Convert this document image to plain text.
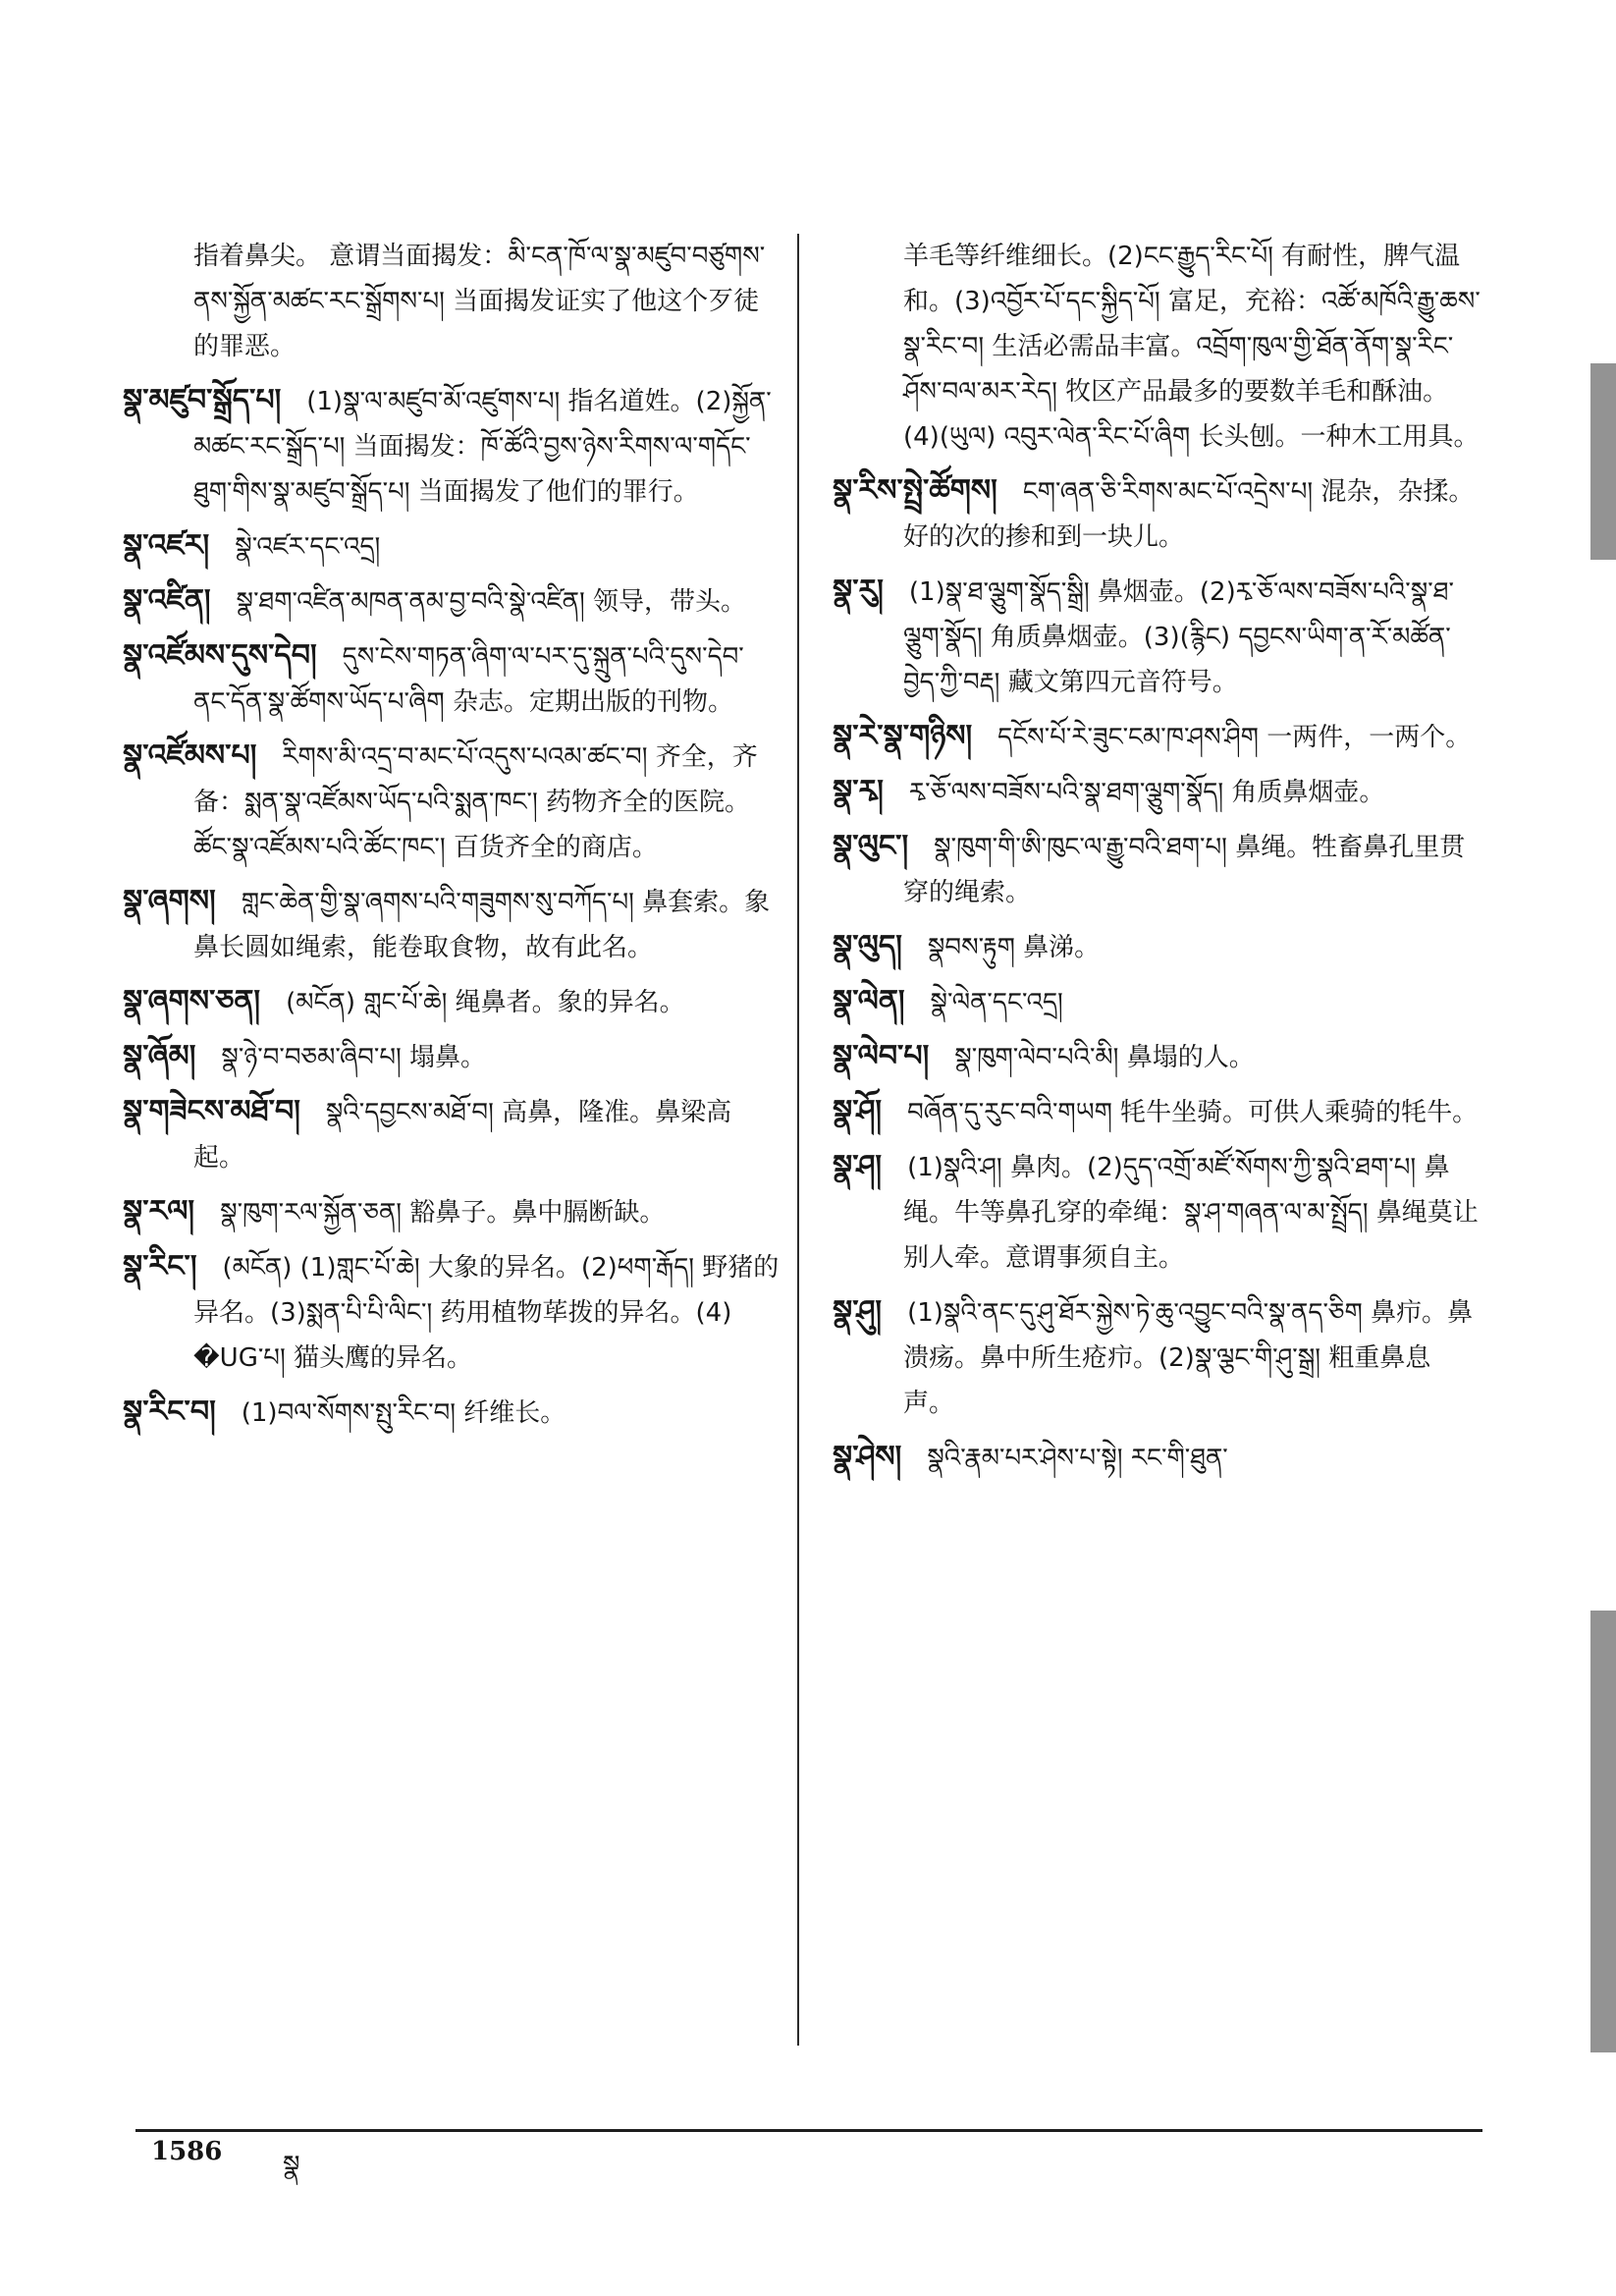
指着鼻尖。 意谓当面揭发：མི་ངན་ཁོ་ལ་སྣ་མཛུབ་བཙུགས་ནས་སྐྱོན་མཚང་རང་སྒྲོགས་པ། 当面揭发证实了他这个歹徒的罪恶。

སྣ་མཛུབ་སྒྲོད་པ། (1)སྣ་ལ་མཛུབ་མོ་འཛུགས་པ། 指名道姓。(2)སྐྱོན་མཚང་རང་སྒྲོད་པ། 当面揭发：ཁོ་ཚོའི་བྱས་ཉེས་རིགས་ལ་གདོང་ཐུག་གིས་སྣ་མཛུབ་སྒྲོད་པ། 当面揭发了他们的罪行。

སྣ་འཛར། སྣེ་འཛར་དང་འདྲ།

སྣ་འཛིན། སྣ་ཐག་འཛིན་མཁན་ནམ་བྱ་བའི་སྣེ་འཛིན། 领导，带头。

སྣ་འཛོམས་དུས་དེབ། དུས་ངེས་གཏན་ཞིག་ལ་པར་དུ་སྐྲུན་པའི་དུས་དེབ་ནང་དོན་སྣ་ཚོགས་ཡོད་པ་ཞིག 杂志。定期出版的刊物。

སྣ་འཛོམས་པ། རིགས་མི་འདྲ་བ་མང་པོ་འདུས་པའམ་ཚང་བ། 齐全，齐备：སྨན་སྣ་འཛོམས་ཡོད་པའི་སྨན་ཁང་། 药物齐全的医院。ཚོང་སྣ་འཛོམས་པའི་ཚོང་ཁང་། 百货齐全的商店。

སྣ་ཞགས། གླང་ཆེན་གྱི་སྣ་ཞགས་པའི་གཟུགས་སུ་བཀོད་པ། 鼻套索。象鼻长圆如绳索，能卷取食物，故有此名。

སྣ་ཞགས་ཅན། (མངོན) གླང་པོ་ཆེ། 绳鼻者。象的异名。

སྣ་ཞོམ། སྣ་ཉེ་བ་བཅམ་ཞིབ་པ། 塌鼻。

སྣ་གཟེངས་མཐོ་བ། སྣའི་དབྱངས་མཐོ་བ། 高鼻，隆准。鼻梁高起。

སྣ་རལ། སྣ་ཁུག་རལ་སྐྱོན་ཅན། 豁鼻子。鼻中膈断缺。

སྣ་རིང་། (མངོན) (1)གླང་པོ་ཆེ། 大象的异名。(2)ཕག་རྒོད། 野猪的异名。(3)སྨན་པི་པི་ལིང་། 药用植物荜拨的异名。(4) �UG་པ། 猫头鹰的异名。

སྣ་རིང་བ། (1)བལ་སོགས་སྤུ་རིང་བ། 纤维长。

羊毛等纤维细长。(2)ངང་རྒྱུད་རིང་པོ། 有耐性，脾气温和。(3)འབྱོར་པོ་དང་སྐྱིད་པོ། 富足，充裕：འཚོ་མཁོའི་རྒྱུ་ཆས་སྣ་རིང་བ། 生活必需品丰富。འབྲོག་ཁུལ་གྱི་ཐོན་ནོག་སྣ་རིང་ཤོས་བལ་མར་རེད། 牧区产品最多的要数羊毛和酥油。(4)(ཡུལ) འབུར་ལེན་རིང་པོ་ཞིག 长头刨。一种木工用具。

སྣ་རིས་སྤྲེ་ཚོགས། ངག་ཞན་ཅི་རིགས་མང་པོ་འདྲེས་པ། 混杂，杂揉。好的次的掺和到一块儿。

སྣ་རུ། (1)སྣ་ཐ་ལྕུག་སྣོད་སྒྲི། 鼻烟壶。(2)རྭ་ཅོ་ལས་བཟོས་པའི་སྣ་ཐ་ལྕུག་སྣོད། 角质鼻烟壶。(3)(རྙིང) དབྱངས་ཡིག་ན་རོ་མཚོན་བྱེད་ཀྱི་བརྡ། 藏文第四元音符号。

སྣ་རེ་སྣ་གཉིས། དངོས་པོ་རེ་ཟུང་ངམ་ཁ་ཤས་ཤིག 一两件，一两个。

སྣ་རྭ། རྭ་ཅོ་ལས་བཟོས་པའི་སྣ་ཐག་ལྕུག་སྣོད། 角质鼻烟壶。

སྣ་ལུང་། སྣ་ཁུག་གི་ཨི་ཁུང་ལ་རྒྱུ་བའི་ཐག་པ། 鼻绳。牲畜鼻孔里贯穿的绳索。

སྣ་ལུད། སྣབས་རྟུག 鼻涕。

སྣ་ལེན། སྣེ་ལེན་དང་འདྲ།

སྣ་ལེབ་པ། སྣ་ཁུག་ལེབ་པའི་མི། 鼻塌的人。

སྣ་ཤོ། བཞོན་དུ་རུང་བའི་གཡག 牦牛坐骑。可供人乘骑的牦牛。

སྣ་ཤ། (1)སྣའི་ཤ། 鼻肉。(2)དུད་འགྲོ་མཛོ་སོགས་ཀྱི་སྣའི་ཐག་པ། 鼻绳。牛等鼻孔穿的牵绳：སྣ་ཤ་གཞན་ལ་མ་སྤྲོད། 鼻绳莫让别人牵。意谓事须自主。

སྣ་ཤུ། (1)སྣའི་ནང་དུ་ཤུ་ཐོར་སྐྱེས་ཏེ་ཆུ་འབྱུང་བའི་སྣ་ནད་ཅིག 鼻疖。鼻溃疡。鼻中所生疮疖。(2)སྣ་ལྕང་གི་ཤུ་སྒྲ། 粗重鼻息声。

སྣ་ཤེས། སྣའི་རྣམ་པར་ཤེས་པ་སྟེ། རང་གི་ཐུན་

1586 སྣ
